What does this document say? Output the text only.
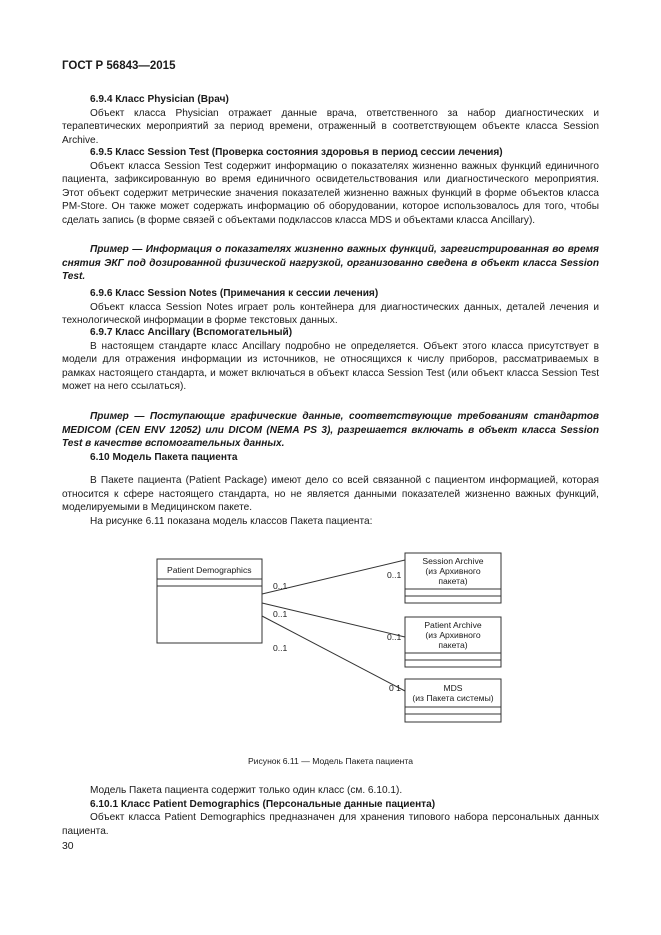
ГОСТ Р 56843—2015

6.9.4 Класс Physician (Врач)

Объект класса Physician отражает данные врача, ответственного за набор диагностических и терапевтических мероприятий за период времени, отраженный в соответствующем объекте класса Session Archive.

6.9.5 Класс Session Test (Проверка состояния здоровья в период сессии лечения)

Объект класса Session Test содержит информацию о показателях жизненно важных функций единичного пациента, зафиксированную во время единичного освидетельствования или диагностического мероприятия. Этот объект содержит метрические значения показателей жизненно важных функций в форме объектов класса PM-Store. Он также может содержать информацию об оборудовании, которое использовалось для того, чтобы сделать запись (в форме связей с объектами подклассов класса MDS и объектами класса Ancillary).

Пример — Информация о показателях жизненно важных функций, зарегистрированная во время снятия ЭКГ под дозированной физической нагрузкой, организованно сведена в объект класса Session Test.

6.9.6 Класс Session Notes (Примечания к сессии лечения)

Объект класса Session Notes играет роль контейнера для диагностических данных, деталей лечения и технологической информации в форме текстовых данных.

6.9.7 Класс Ancillary (Вспомогательный)

В настоящем стандарте класс Ancillary подробно не определяется. Объект этого класса присутствует в модели для отражения информации из источников, не относящихся к числу приборов, рассматриваемых в рамках настоящего стандарта, и может включаться в объект класса Session Test (или объект класса Session Test может на него ссылаться).

Пример — Поступающие графические данные, соответствующие требованиям стандартов MEDICOM (CEN ENV 12052) или DICOM (NEMA PS 3), разрешается включать в объект класса Session Test в качестве вспомогательных данных.

6.10 Модель Пакета пациента

В Пакете пациента (Patient Package) имеют дело со всей связанной с пациентом информацией, которая относится к сфере настоящего стандарта, но не является данными показателей жизненно важных функций, моделируемыми в Медицинском пакете.

На рисунке 6.11 показана модель классов Пакета пациента:

Patient Demographics
Session Archive
(из Архивного
пакета)
Patient Archive
(из Архивного
пакета)
MDS
(из Пакета системы)
0..1
0..1
0..1
0..1
0..1
0 1
Рисунок 6.11 — Модель Пакета пациента

Модель Пакета пациента содержит только один класс (см. 6.10.1).

6.10.1 Класс Patient Demographics (Персональные данные пациента)

Объект класса Patient Demographics предназначен для хранения типового набора персональных данных пациента.

30
